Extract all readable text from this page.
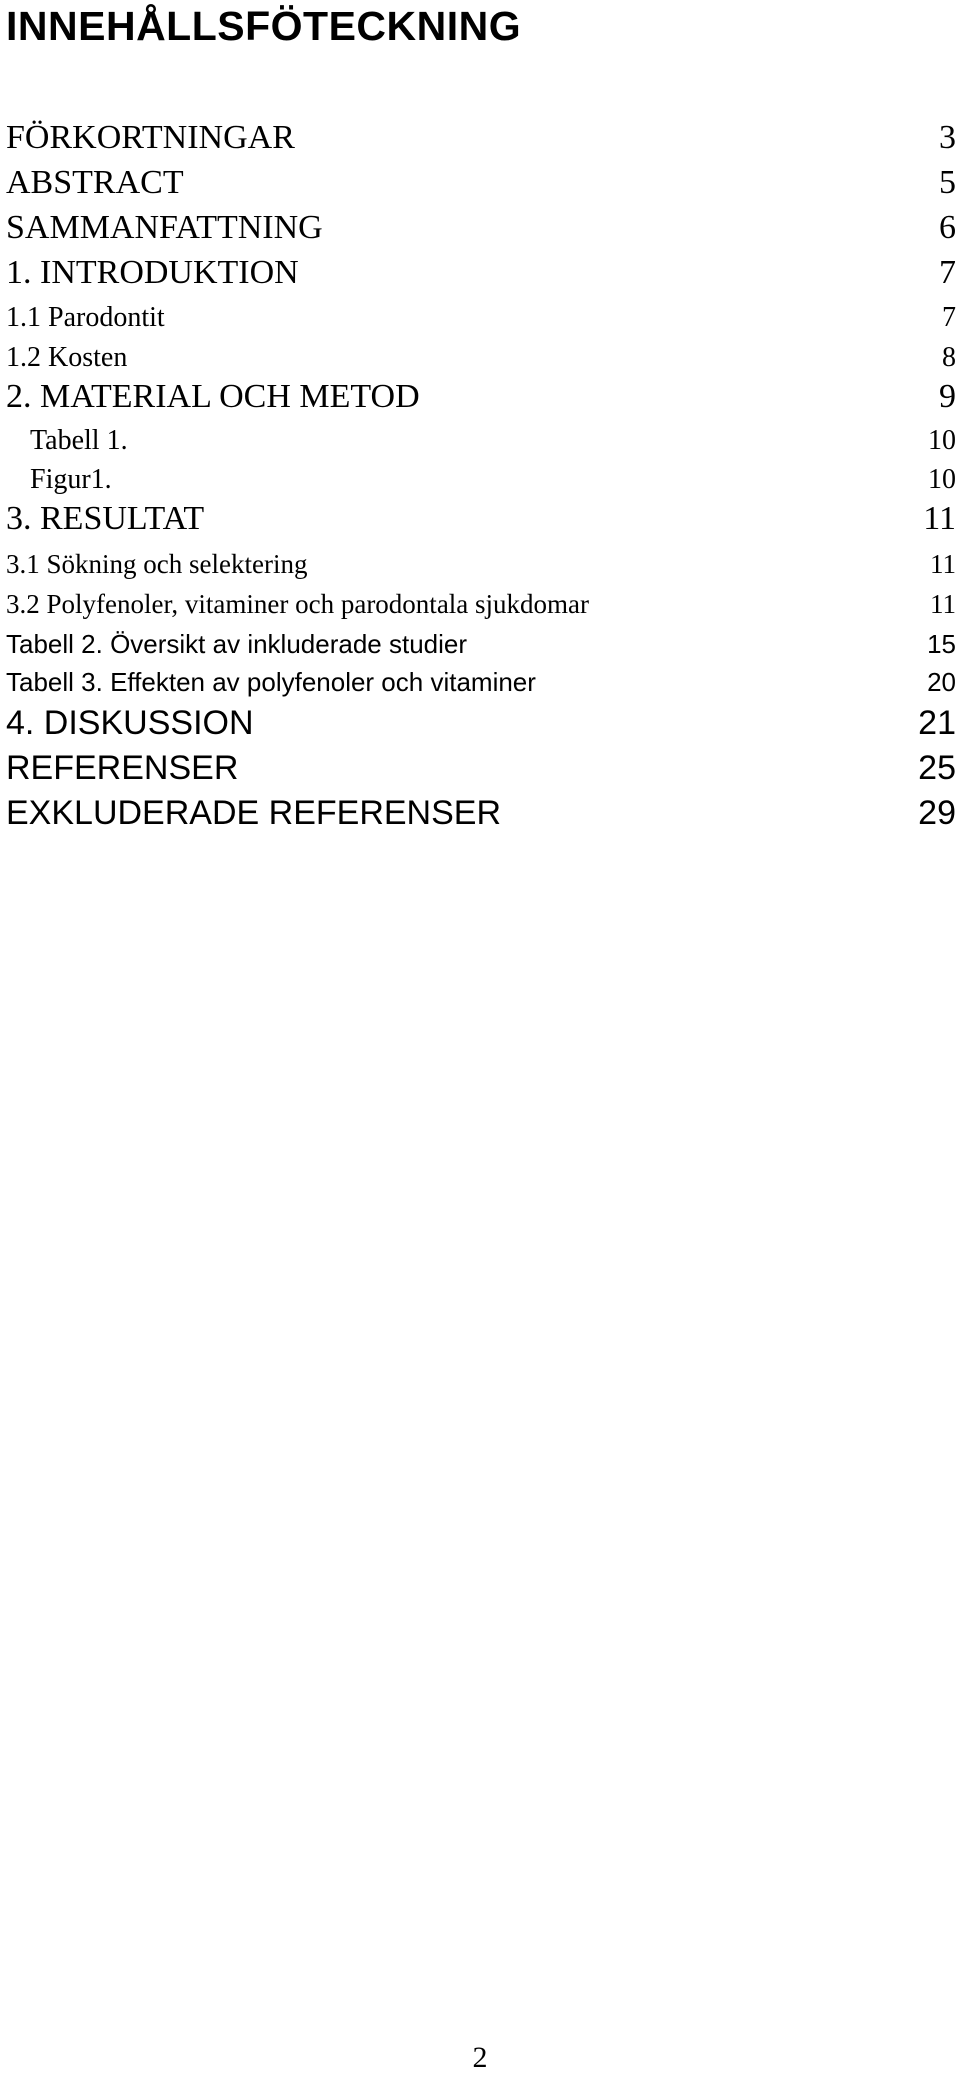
INNEHÅLLSFÖTECKNING
FÖRKORTNINGAR	3
ABSTRACT	5
SAMMANFATTNING	6
1. INTRODUKTION	7
1.1 Parodontit	7
1.2 Kosten	8
2. MATERIAL OCH METOD	9
Tabell 1.	10
Figur1.	10
3. RESULTAT	11
3.1 Sökning och selektering	11
3.2 Polyfenoler, vitaminer och parodontala sjukdomar	11
Tabell 2. Översikt av inkluderade studier	15
Tabell 3. Effekten av polyfenoler och vitaminer	20
4. DISKUSSION	21
REFERENSER	25
EXKLUDERADE REFERENSER	29
2
